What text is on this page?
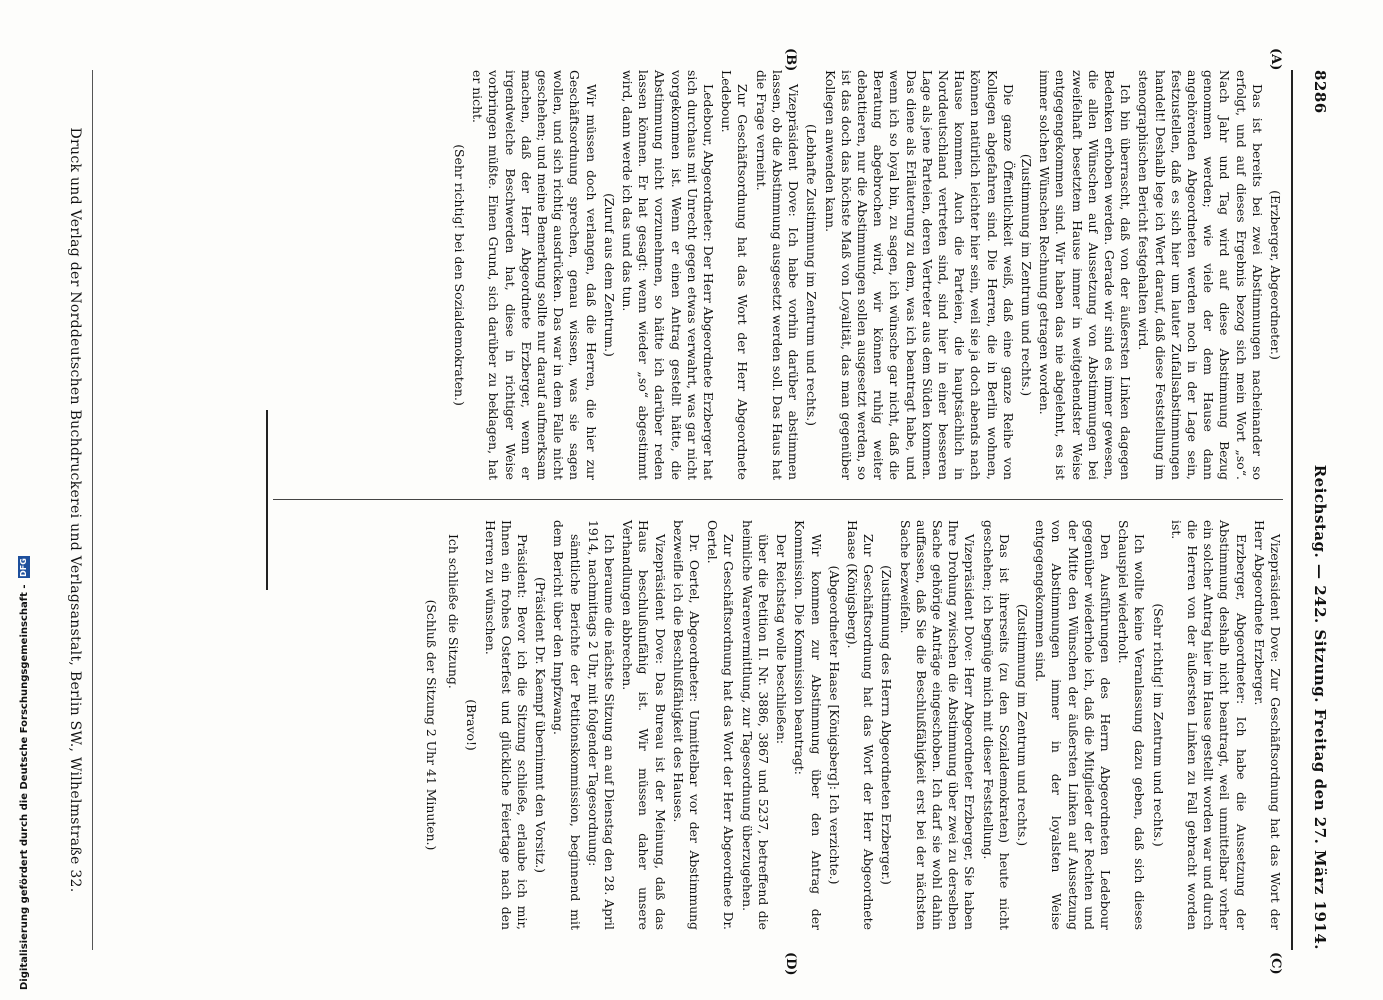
8286
Reichstag. — 242. Sitzung. Freitag den 27. März 1914.
(A)
(B)
(C)
(D)

(Erzberger, Abgeordneter.)

Das ist bereits bei zwei Abstimmungen nacheinander so erfolgt, und auf dieses Ergebnis bezog sich mein Wort „so“. Nach Jahr und Tag wird auf diese Abstimmung Bezug genommen werden; wie viele der dem Hause dann angehörenden Abgeordneten werden noch in der Lage sein, festzustellen, daß es sich hier um lauter Zufallsabstimmungen handelt! Deshalb lege ich Wert darauf, daß diese Feststellung im stenographischen Bericht festgehalten wird.

Ich bin überrascht, daß von der äußersten Linken dagegen Bedenken erhoben werden. Gerade wir sind es immer gewesen, die allen Wünschen auf Aussetzung von Abstimmungen bei zweifelhaft besetztem Hause immer in weitgehendster Weise entgegengekommen sind. Wir haben das nie abgelehnt, es ist immer solchen Wünschen Rechnung getragen worden.

(Zustimmung im Zentrum und rechts.)

Die ganze Öffentlichkeit weiß, daß eine ganze Reihe von Kollegen abgefahren sind. Die Herren, die in Berlin wohnen, können natürlich leichter hier sein, weil sie ja doch abends nach Hause kommen. Auch die Parteien, die hauptsächlich in Norddeutschland vertreten sind, sind hier in einer besseren Lage als jene Parteien, deren Vertreter aus dem Süden kommen. Das diene als Erläuterung zu dem, was ich beantragt habe, und wenn ich so loyal bin, zu sagen, ich wünsche gar nicht, daß die Beratung abgebrochen wird, wir können ruhig weiter debattieren, nur die Abstimmungen sollen ausgesetzt werden, so ist das doch das höchste Maß von Loyalität, das man gegenüber Kollegen anwenden kann.

(Lebhafte Zustimmung im Zentrum und rechts.)

Vizepräsident Dove: Ich habe vorhin darüber abstimmen lassen, ob die Abstimmung ausgesetzt werden soll. Das Haus hat die Frage verneint.

Zur Geschäftsordnung hat das Wort der Herr Abgeordnete Ledebour.

Ledebour, Abgeordneter: Der Herr Abgeordnete Erzberger hat sich durchaus mit Unrecht gegen etwas verwahrt, was gar nicht vorgekommen ist. Wenn er einen Antrag gestellt hätte, die Abstimmung nicht vorzunehmen, so hätte ich darüber reden lassen können. Er hat gesagt: wenn wieder „so“ abgestimmt wird, dann werde ich das und das tun.

(Zuruf aus dem Zentrum.)

Wir müssen doch verlangen, daß die Herren, die hier zur Geschäftsordnung sprechen, genau wissen, was sie sagen wollen, und sich richtig ausdrücken. Das war in dem Falle nicht geschehen; und meine Bemerkung sollte nur darauf aufmerksam machen, daß der Herr Abgeordnete Erzberger, wenn er irgendwelche Beschwerden hat, diese in richtiger Weise vorbringen müßte. Einen Grund, sich darüber zu beklagen, hat er nicht.

(Sehr richtig! bei den Sozialdemokraten.)

Vizepräsident Dove: Zur Geschäftsordnung hat das Wort der Herr Abgeordnete Erzberger.

Erzberger, Abgeordneter: Ich habe die Aussetzung der Abstimmung deshalb nicht beantragt, weil unmittelbar vorher ein solcher Antrag hier im Hause gestellt worden war und durch die Herren von der äußersten Linken zu Fall gebracht worden ist.

(Sehr richtig! im Zentrum und rechts.)

Ich wollte keine Veranlassung dazu geben, daß sich dieses Schauspiel wiederholt.

Den Ausführungen des Herrn Abgeordneten Ledebour gegenüber wiederhole ich, daß die Mitglieder der Rechten und der Mitte den Wünschen der äußersten Linken auf Aussetzung von Abstimmungen immer in der loyalsten Weise entgegengekommen sind.

(Zustimmung im Zentrum und rechts.)

Das ist ihrerseits (zu den Sozialdemokraten) heute nicht geschehen; ich begnüge mich mit dieser Feststellung.

Vizepräsident Dove: Herr Abgeordneter Erzberger, Sie haben Ihre Drohung zwischen die Abstimmung über zwei zu derselben Sache gehörige Anträge eingeschoben. Ich darf sie wohl dahin auffassen, daß Sie die Beschlußfähigkeit erst bei der nächsten Sache bezweifeln.

(Zustimmung des Herrn Abgeordneten Erzberger.)

Zur Geschäftsordnung hat das Wort der Herr Abgeordnete Haase (Königsberg).

(Abgeordneter Haase [Königsberg]: Ich verzichte.)

Wir kommen zur Abstimmung über den Antrag der Kommission. Die Kommission beantragt:

Der Reichstag wolle beschließen:

über die Petition II. Nr. 3886, 3867 und 5237, betreffend die heimliche Warenvermittlung, zur Tagesordnung überzugehen.

Zur Geschäftsordnung hat das Wort der Herr Abgeordnete Dr. Oertel.

Dr. Oertel, Abgeordneter: Unmittelbar vor der Abstimmung bezweifle ich die Beschlußfähigkeit des Hauses.

Vizepräsident Dove: Das Bureau ist der Meinung, daß das Haus beschlußunfähig ist. Wir müssen daher unsere Verhandlungen abbrechen.

Ich beraume die nächste Sitzung an auf Dienstag den 28. April 1914, nachmittags 2 Uhr, mit folgender Tagesordnung:

sämtliche Berichte der Petitionskommission, beginnend mit dem Bericht über den Impfzwang.

(Präsident Dr. Kaempf übernimmt den Vorsitz.)

Präsident: Bevor ich die Sitzung schließe, erlaube ich mir, Ihnen ein frohes Osterfest und glückliche Feiertage nach den Herren zu wünschen.

(Bravo!)

Ich schließe die Sitzung.

(Schluß der Sitzung 2 Uhr 41 Minuten.)

Druck und Verlag der Norddeutschen Buchdruckerei und Verlagsanstalt, Berlin SW., Wilhelmstraße 32.
Digitalisierung gefördert durch die Deutsche Forschungsgemeinschaft -
DFG
